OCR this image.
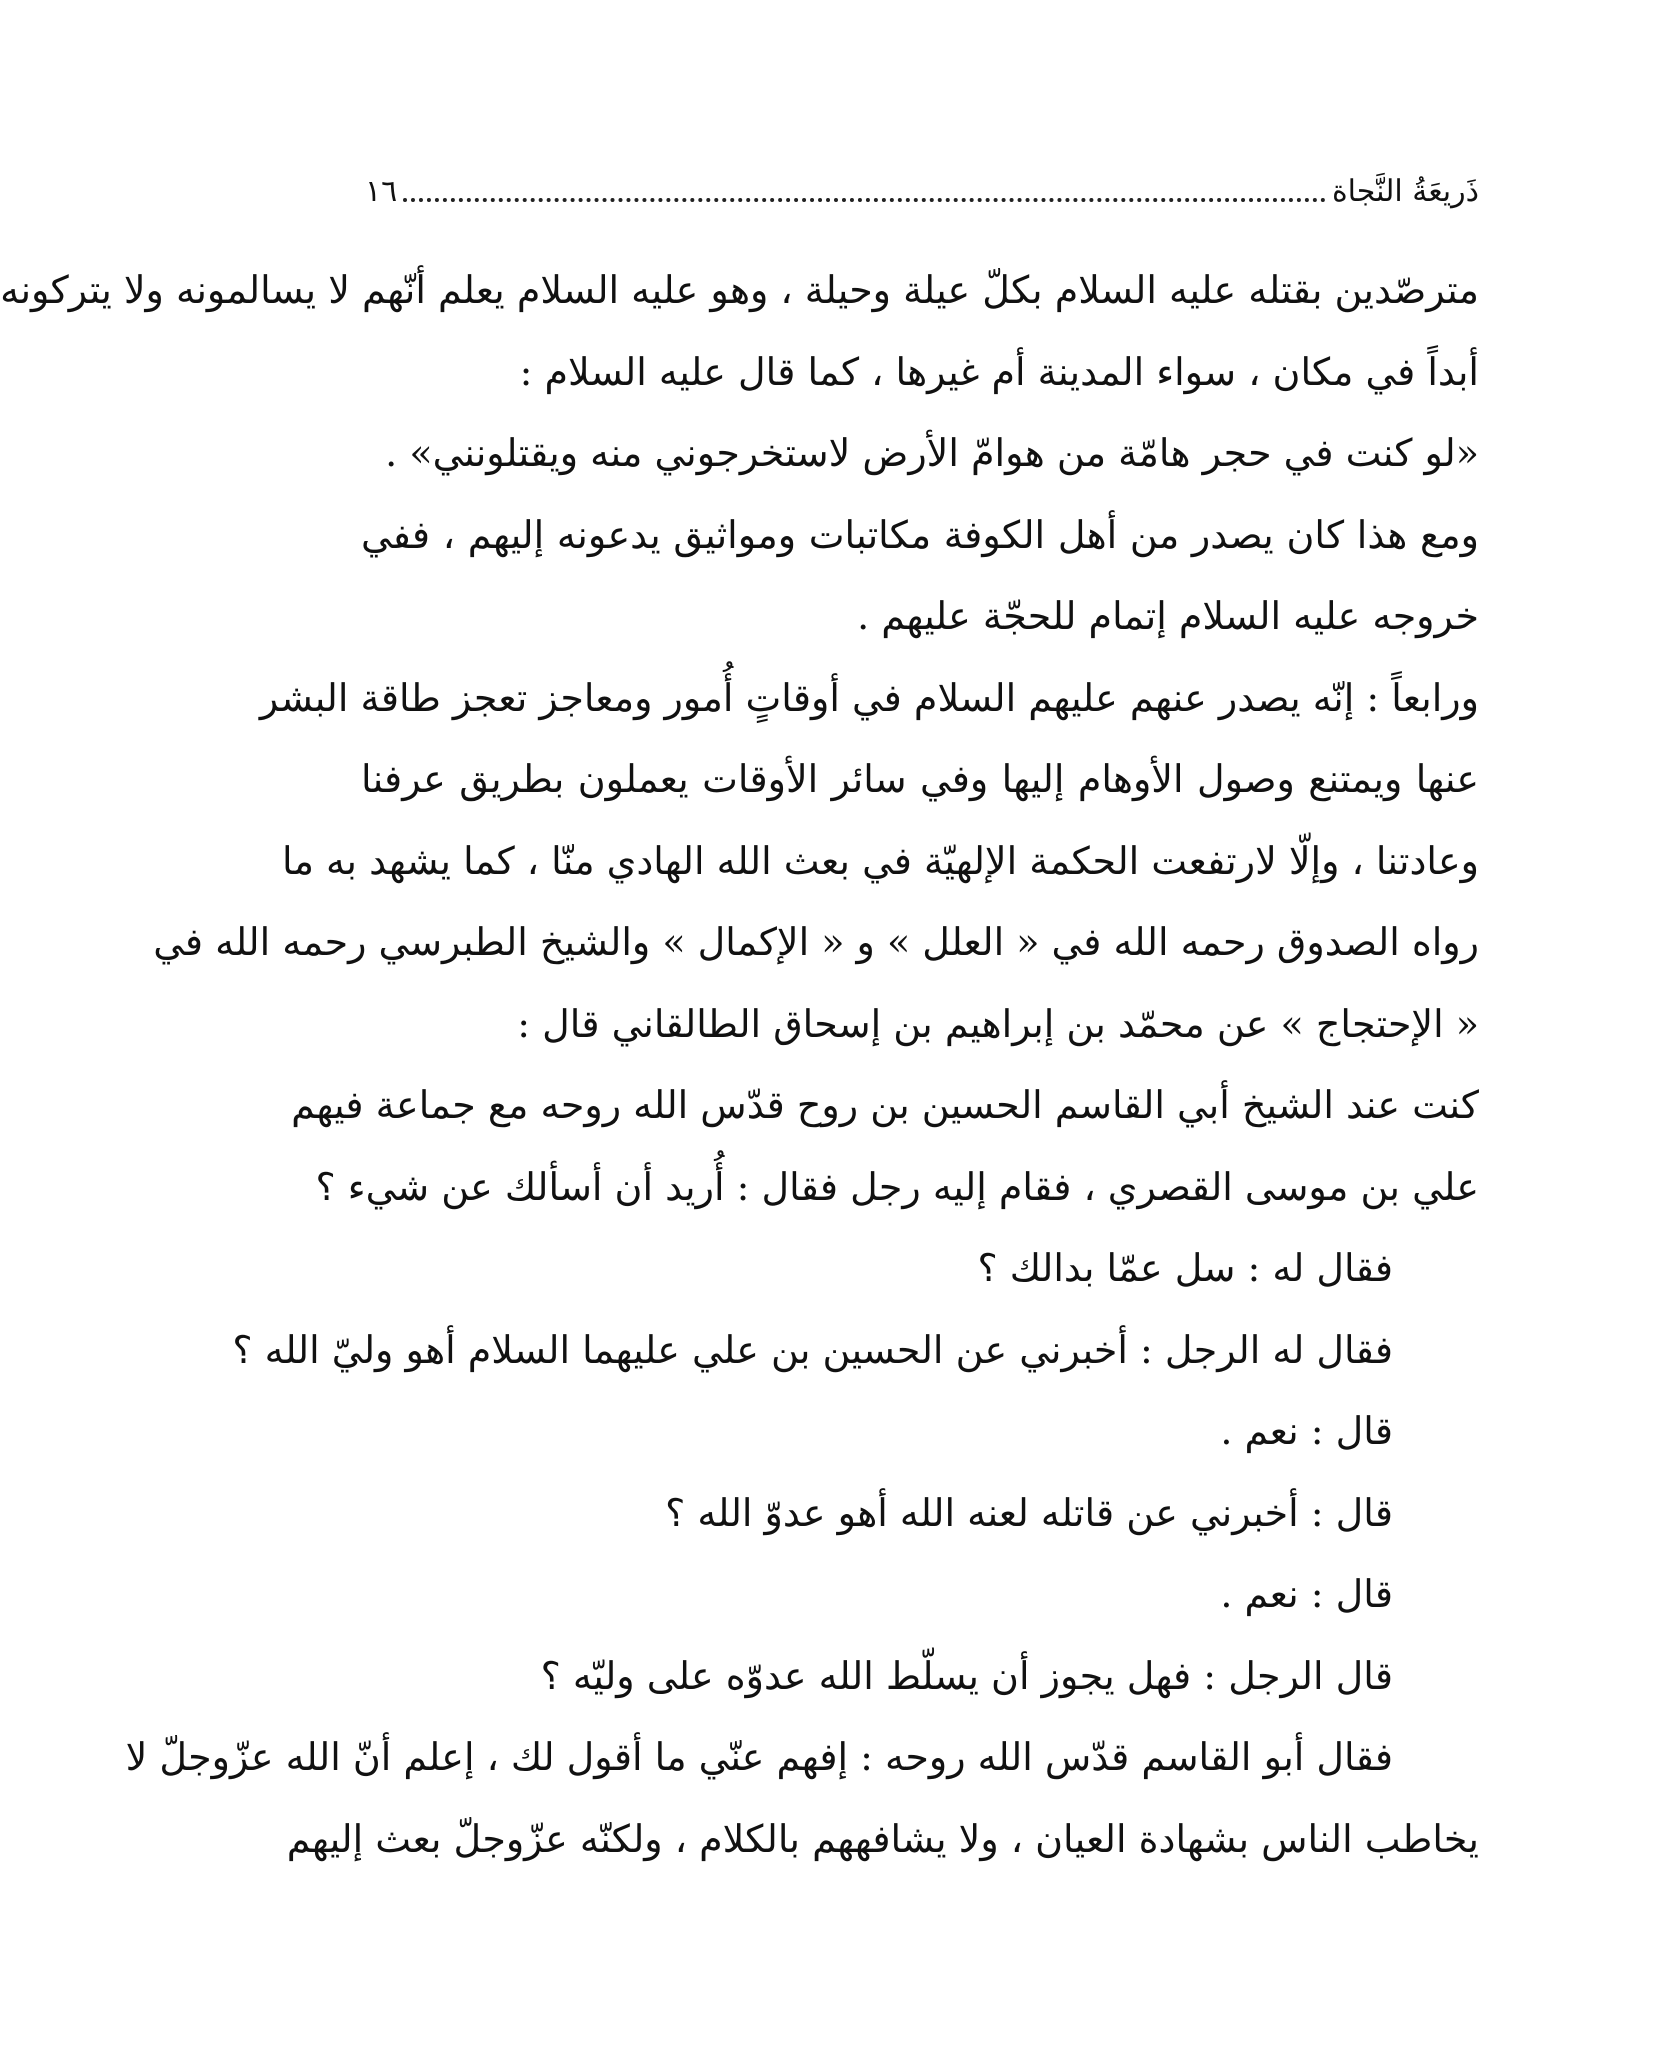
ذَريعَةُ النَّجاة
١٦
مترصّدين بقتله عليه السلام بكلّ عيلة وحيلة ، وهو عليه السلام يعلم أنّهم لا يسالمونه ولا يتركونه
أبداً في مكان ، سواء المدينة أم غيرها ، كما قال عليه السلام :
«لو كنت في حجر هامّة من هوامّ الأرض لاستخرجوني منه ويقتلونني» .
ومع هذا كان يصدر من أهل الكوفة مكاتبات ومواثيق يدعونه إليهم ، ففي
خروجه عليه السلام إتمام للحجّة عليهم .
ورابعاً : إنّه يصدر عنهم عليهم السلام في أوقاتٍ أُمور ومعاجز تعجز طاقة البشر
عنها ويمتنع وصول الأوهام إليها وفي سائر الأوقات يعملون بطريق عرفنا
وعادتنا ، وإلّا لارتفعت الحكمة الإلهيّة في بعث الله الهادي منّا ، كما يشهد به ما
رواه الصدوق رحمه الله في « العلل » و « الإكمال » والشيخ الطبرسي رحمه الله في
« الإحتجاج » عن محمّد بن إبراهيم بن إسحاق الطالقاني قال :
كنت عند الشيخ أبي القاسم الحسين بن روح قدّس الله روحه مع جماعة فيهم
علي بن موسى القصري ، فقام إليه رجل فقال : أُريد أن أسألك عن شيء ؟
فقال له : سل عمّا بدالك ؟
فقال له الرجل : أخبرني عن الحسين بن علي عليهما السلام أهو وليّ الله ؟
قال : نعم .
قال : أخبرني عن قاتله لعنه الله أهو عدوّ الله ؟
قال : نعم .
قال الرجل : فهل يجوز أن يسلّط الله عدوّه على وليّه ؟
فقال أبو القاسم قدّس الله روحه : إفهم عنّي ما أقول لك ، إعلم أنّ الله عزّوجلّ لا
يخاطب الناس بشهادة العيان ، ولا يشافههم بالكلام ، ولكنّه عزّوجلّ بعث إليهم
